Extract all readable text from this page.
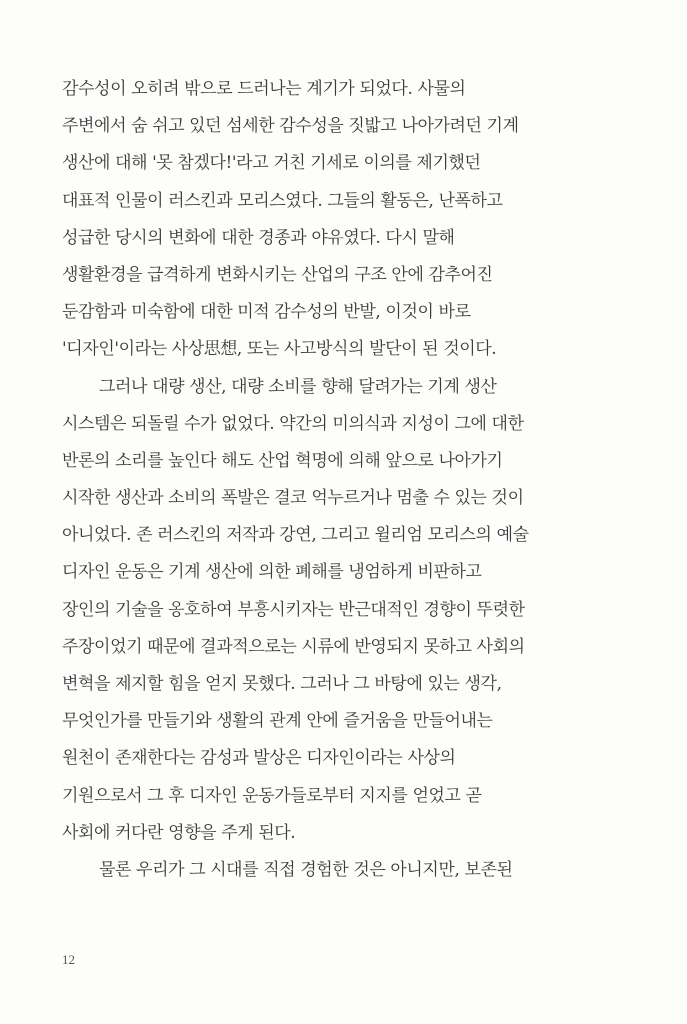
감수성이 오히려 밖으로 드러나는 계기가 되었다. 사물의
주변에서 숨 쉬고 있던 섬세한 감수성을 짓밟고 나아가려던 기계
생산에 대해 '못 참겠다!'라고 거친 기세로 이의를 제기했던
대표적 인물이 러스킨과 모리스였다. 그들의 활동은, 난폭하고
성급한 당시의 변화에 대한 경종과 야유였다. 다시 말해
생활환경을 급격하게 변화시키는 산업의 구조 안에 감추어진
둔감함과 미숙함에 대한 미적 감수성의 반발, 이것이 바로
'디자인'이라는 사상思想, 또는 사고방식의 발단이 된 것이다.
그러나 대량 생산, 대량 소비를 향해 달려가는 기계 생산
시스템은 되돌릴 수가 없었다. 약간의 미의식과 지성이 그에 대한
반론의 소리를 높인다 해도 산업 혁명에 의해 앞으로 나아가기
시작한 생산과 소비의 폭발은 결코 억누르거나 멈출 수 있는 것이
아니었다. 존 러스킨의 저작과 강연, 그리고 윌리엄 모리스의 예술
디자인 운동은 기계 생산에 의한 폐해를 냉엄하게 비판하고
장인의 기술을 옹호하여 부흥시키자는 반근대적인 경향이 뚜렷한
주장이었기 때문에 결과적으로는 시류에 반영되지 못하고 사회의
변혁을 제지할 힘을 얻지 못했다. 그러나 그 바탕에 있는 생각,
무엇인가를 만들기와 생활의 관계 안에 즐거움을 만들어내는
원천이 존재한다는 감성과 발상은 디자인이라는 사상의
기원으로서 그 후 디자인 운동가들로부터 지지를 얻었고 곧
사회에 커다란 영향을 주게 된다.
물론 우리가 그 시대를 직접 경험한 것은 아니지만, 보존된
12
